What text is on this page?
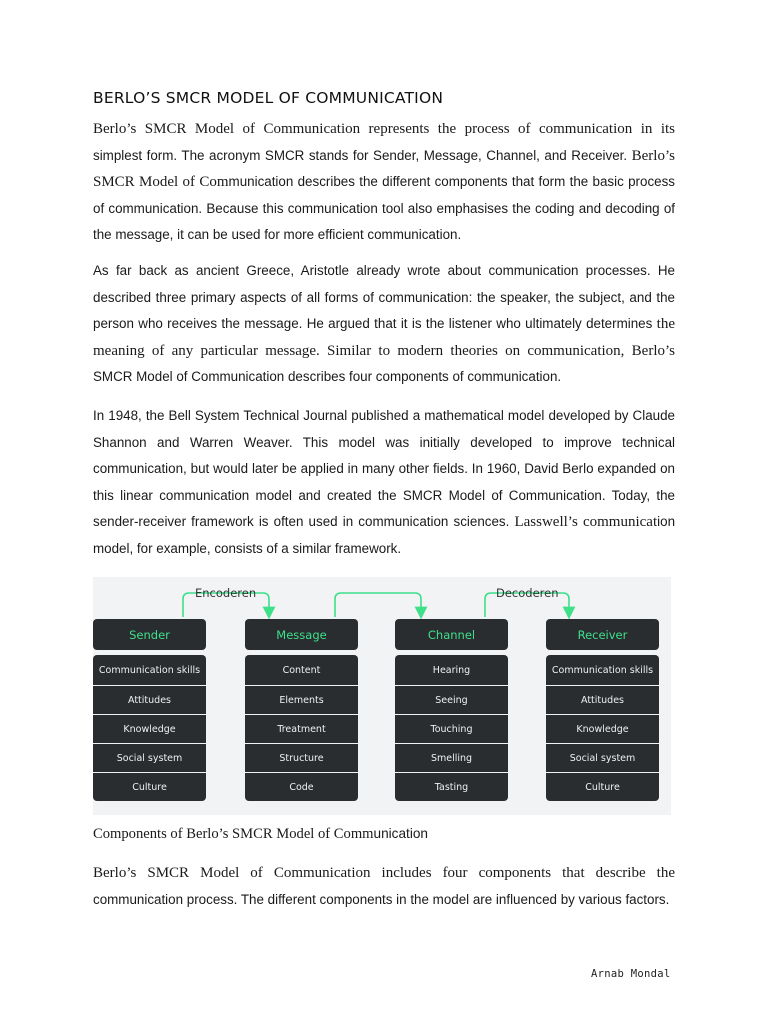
BERLO’S SMCR MODEL OF COMMUNICATION

Berlo’s SMCR Model of Communication represents the process of communication in its simplest form. The acronym SMCR stands for Sender, Message, Channel, and Receiver. Berlo’s SMCR Model of Communication describes the different components that form the basic process of communication. Because this communication tool also emphasises the coding and decoding of the message, it can be used for more efficient communication.

As far back as ancient Greece, Aristotle already wrote about communication processes. He described three primary aspects of all forms of communication: the speaker, the subject, and the person who receives the message. He argued that it is the listener who ultimately determines the meaning of any particular message. Similar to modern theories on communication, Berlo’s SMCR Model of Communication describes four components of communication.

In 1948, the Bell System Technical Journal published a mathematical model developed by Claude Shannon and Warren Weaver. This model was initially developed to improve technical communication, but would later be applied in many other fields. In 1960, David Berlo expanded on this linear communication model and created the SMCR Model of Communication. Today, the sender-receiver framework is often used in communication sciences. Lasswell’s communication model, for example, consists of a similar framework.

Components of Berlo’s SMCR Model of Communication

Berlo’s SMCR Model of Communication includes four components that describe the communication process. The different components in the model are influenced by various factors.

Encoderen	Decoderen
Sender
Communication skills
Attitudes
Knowledge
Social system
Culture
Message
Content
Elements
Treatment
Structure
Code
Channel
Hearing
Seeing
Touching
Smelling
Tasting
Receiver
Communication skills
Attitudes
Knowledge
Social system
Culture
Arnab Mondal
